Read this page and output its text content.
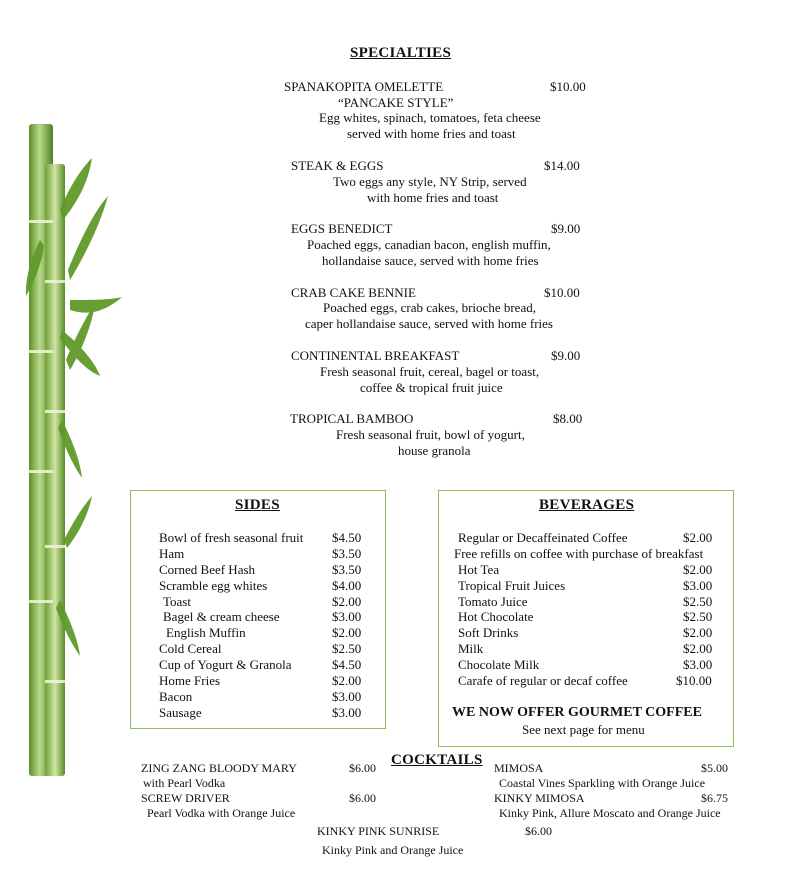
SPECIALTIES
SPANAKOPITA OMELETTE	$10.00
“PANCAKE STYLE”
Egg whites, spinach, tomatoes, feta cheese
served with home fries and toast
STEAK & EGGS	$14.00
Two eggs any style, NY Strip, served
with home fries and toast
EGGS BENEDICT	$9.00
Poached eggs, canadian bacon, english muffin,
hollandaise sauce, served with home fries
CRAB CAKE BENNIE	$10.00
Poached eggs, crab cakes, brioche bread,
caper hollandaise sauce, served with home fries
CONTINENTAL BREAKFAST	$9.00
Fresh seasonal fruit, cereal, bagel or toast,
coffee & tropical fruit juice
TROPICAL BAMBOO	$8.00
Fresh seasonal fruit, bowl of yogurt,
house granola
SIDES
Bowl of fresh seasonal fruit $4.50
Ham	$3.50
Corned Beef Hash	$3.50
Scramble egg whites	$4.00
Toast	$2.00
Bagel & cream cheese	$3.00
English Muffin	$2.00
Cold Cereal	$2.50
Cup of Yogurt & Granola	$4.50
Home Fries	$2.00
Bacon	$3.00
Sausage	$3.00
BEVERAGES
Regular or Decaffeinated Coffee	$2.00
Free refills on coffee with purchase of breakfast
Hot Tea	$2.00
Tropical Fruit Juices	$3.00
Tomato Juice	$2.50
Hot Chocolate	$2.50
Soft Drinks	$2.00
Milk	$2.00
Chocolate Milk	$3.00
Carafe of regular or decaf coffee	$10.00
WE NOW OFFER GOURMET COFFEE
See next page for menu
COCKTAILS
ZING ZANG BLOODY MARY	$6.00
with Pearl Vodka
SCREW DRIVER	$6.00
Pearl Vodka with Orange Juice
MIMOSA	$5.00
Coastal Vines Sparkling with Orange Juice
KINKY MIMOSA	$6.75
Kinky Pink, Allure Moscato and Orange Juice
KINKY PINK SUNRISE	$6.00
Kinky Pink and Orange Juice
